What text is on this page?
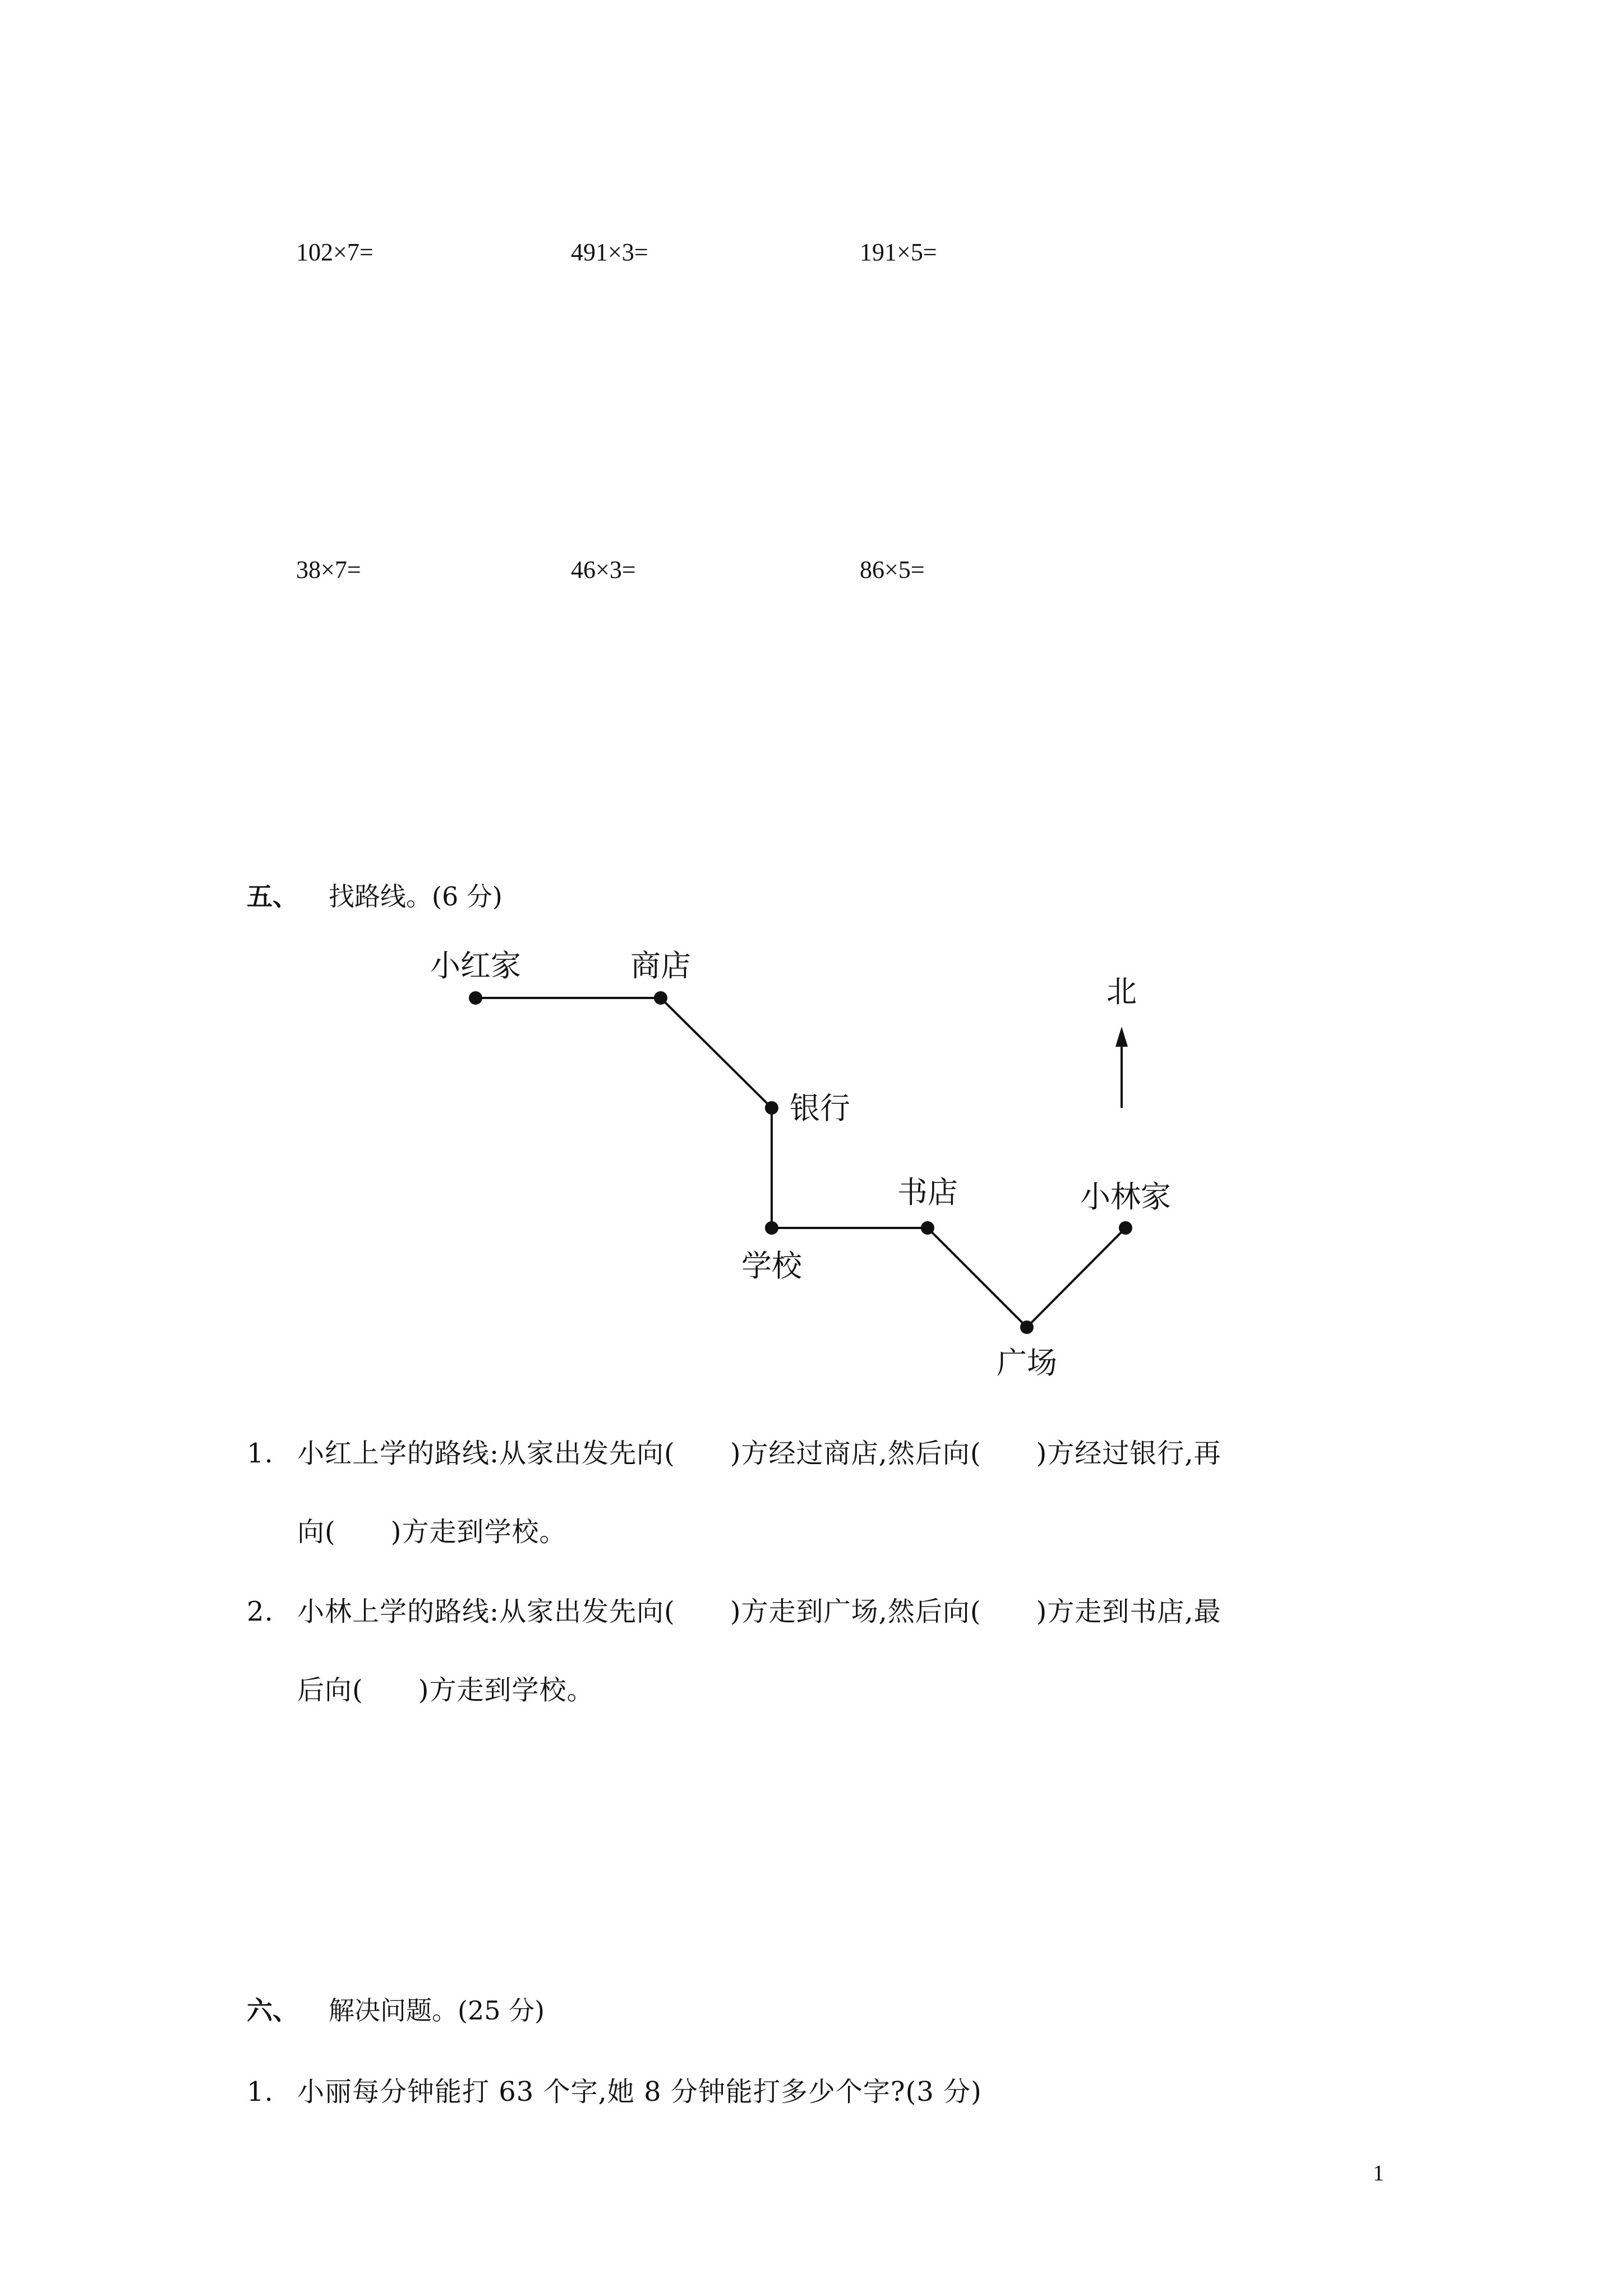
102×7=	491×3=	191×5=
38×7=	46×3=	86×5=
五、 找路线。(6 分)
北
小红家	商店
银行
学校
书店
广场
小林家
1. 小红上学的路线:从家出发先向(　　)方经过商店,然后向(　　)方经过银行,再
向(　　)方走到学校。
2. 小林上学的路线:从家出发先向(　　)方走到广场,然后向(　　)方走到书店,最
后向(　　)方走到学校。
六、 解决问题。(25 分)
1. 小丽每分钟能打 63 个字,她 8 分钟能打多少个字?(3 分)
1
